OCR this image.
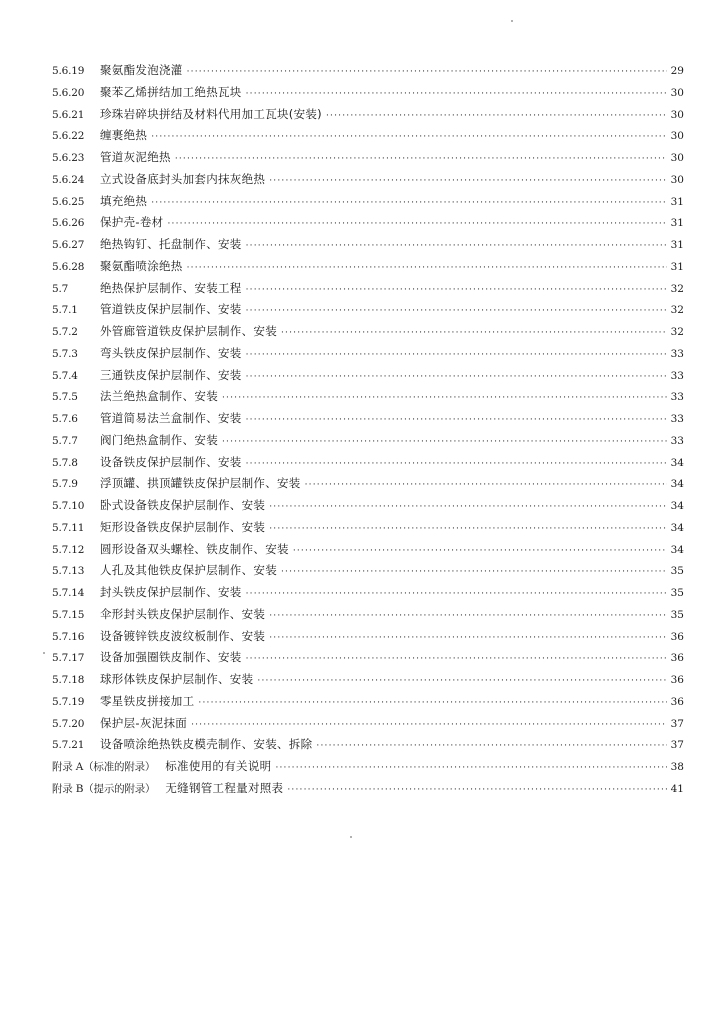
5.6.19	聚氨酯发泡浇灌 ·····	29
5.6.20	聚苯乙烯拼结加工绝热瓦块 ·····	30
5.6.21	珍珠岩碎块拼结及材料代用加工瓦块(安装) ·····	30
5.6.22	缠裹绝热 ·····	30
5.6.23	管道灰泥绝热 ·····	30
5.6.24	立式设备底封头加套内抹灰绝热 ·····	30
5.6.25	填充绝热 ·····	31
5.6.26	保护壳-卷材 ·····	31
5.6.27	绝热钩钉、托盘制作、安装 ·····	31
5.6.28	聚氨酯喷涂绝热 ·····	31
5.7	绝热保护层制作、安装工程 ·····	32
5.7.1	管道铁皮保护层制作、安装 ·····	32
5.7.2	外管廊管道铁皮保护层制作、安装 ·····	32
5.7.3	弯头铁皮保护层制作、安装 ·····	33
5.7.4	三通铁皮保护层制作、安装 ·····	33
5.7.5	法兰绝热盒制作、安装 ·····	33
5.7.6	管道简易法兰盒制作、安装 ·····	33
5.7.7	阀门绝热盒制作、安装 ·····	33
5.7.8	设备铁皮保护层制作、安装 ·····	34
5.7.9	浮顶罐、拱顶罐铁皮保护层制作、安装 ·····	34
5.7.10	卧式设备铁皮保护层制作、安装 ·····	34
5.7.11	矩形设备铁皮保护层制作、安装 ·····	34
5.7.12	圆形设备双头螺栓、铁皮制作、安装 ·····	34
5.7.13	人孔及其他铁皮保护层制作、安装 ·····	35
5.7.14	封头铁皮保护层制作、安装 ·····	35
5.7.15	伞形封头铁皮保护层制作、安装 ·····	35
5.7.16	设备镀锌铁皮波纹板制作、安装 ·····	36
5.7.17	设备加强圈铁皮制作、安装 ·····	36
5.7.18	球形体铁皮保护层制作、安装 ·····	36
5.7.19	零星铁皮拼接加工 ·····	36
5.7.20	保护层-灰泥抹面 ·····	37
5.7.21	设备喷涂绝热铁皮模壳制作、安装、拆除 ·····	37
附录 A（标准的附录） 标准使用的有关说明 ·····	38
附录 B（提示的附录） 无缝钢管工程量对照表 ·····	41
